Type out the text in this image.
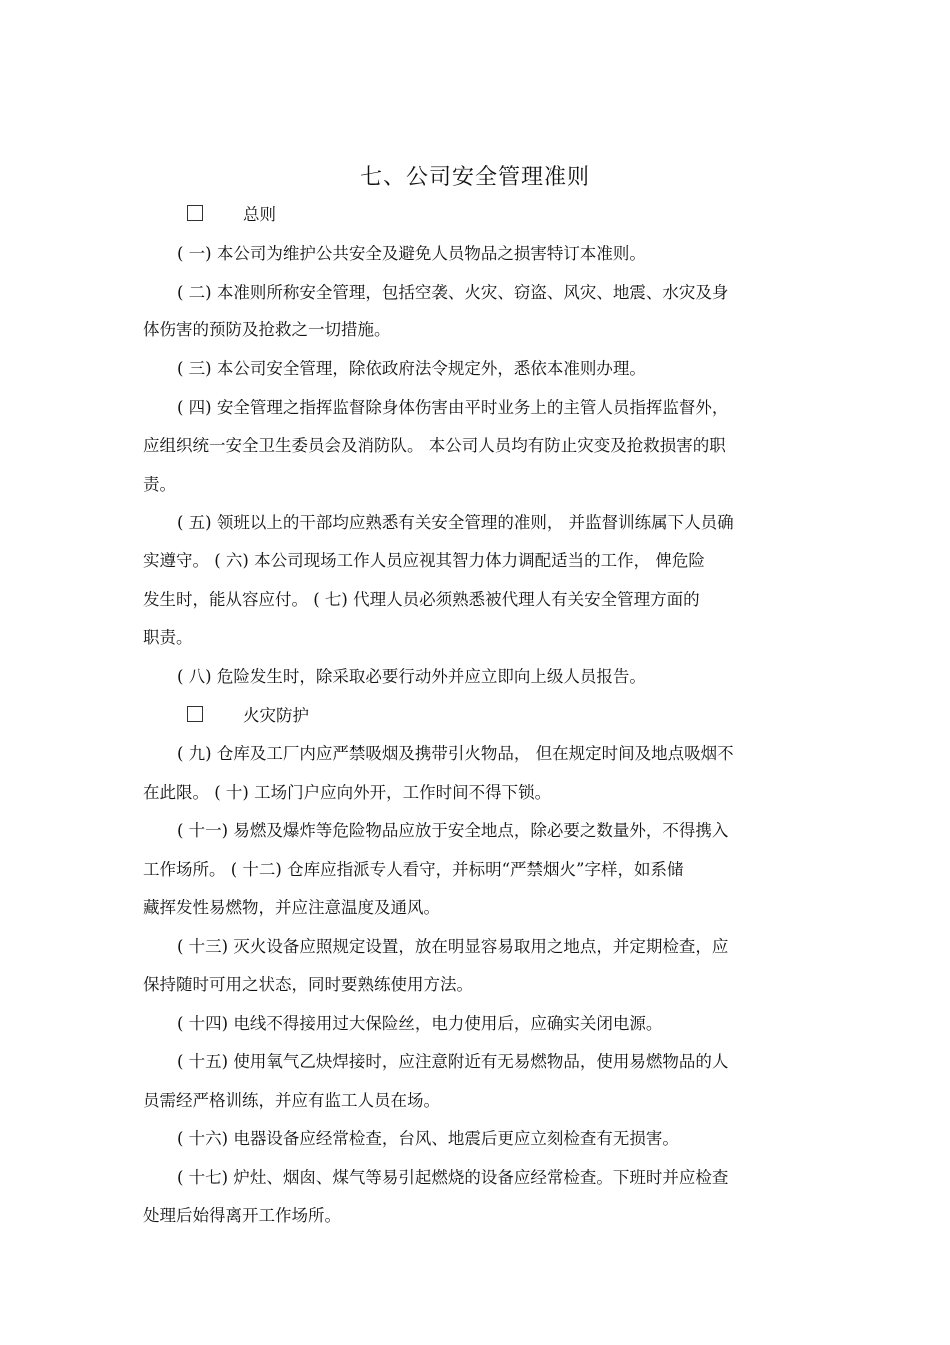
七、公司安全管理准则
总则
( 一) 本公司为维护公共安全及避免人员物品之损害特订本准则。
( 二) 本准则所称安全管理，包括空袭、火灾、窃盗、风灾、地震、水灾及身
体伤害的预防及抢救之一切措施。
( 三) 本公司安全管理，除依政府法令规定外，悉依本准则办理。
( 四) 安全管理之指挥监督除身体伤害由平时业务上的主管人员指挥监督外，
应组织统一安全卫生委员会及消防队。 本公司人员均有防止灾变及抢救损害的职
责。
( 五) 领班以上的干部均应熟悉有关安全管理的准则， 并监督训练属下人员确
实遵守。 ( 六) 本公司现场工作人员应视其智力体力调配适当的工作， 俾危险
发生时，能从容应付。 ( 七) 代理人员必须熟悉被代理人有关安全管理方面的
职责。
( 八) 危险发生时，除采取必要行动外并应立即向上级人员报告。
火灾防护
( 九) 仓库及工厂内应严禁吸烟及携带引火物品， 但在规定时间及地点吸烟不
在此限。 ( 十) 工场门户应向外开，工作时间不得下锁。
( 十一) 易燃及爆炸等危险物品应放于安全地点，除必要之数量外，不得携入
工作场所。 ( 十二) 仓库应指派专人看守，并标明“严禁烟火”字样，如系储
藏挥发性易燃物，并应注意温度及通风。
( 十三) 灭火设备应照规定设置，放在明显容易取用之地点，并定期检查，应
保持随时可用之状态，同时要熟练使用方法。
( 十四) 电线不得接用过大保险丝，电力使用后，应确实关闭电源。
( 十五) 使用氧气乙炔焊接时，应注意附近有无易燃物品，使用易燃物品的人
员需经严格训练，并应有监工人员在场。
( 十六) 电器设备应经常检查，台风、地震后更应立刻检查有无损害。
( 十七) 炉灶、烟囱、煤气等易引起燃烧的设备应经常检查。下班时并应检查
处理后始得离开工作场所。
